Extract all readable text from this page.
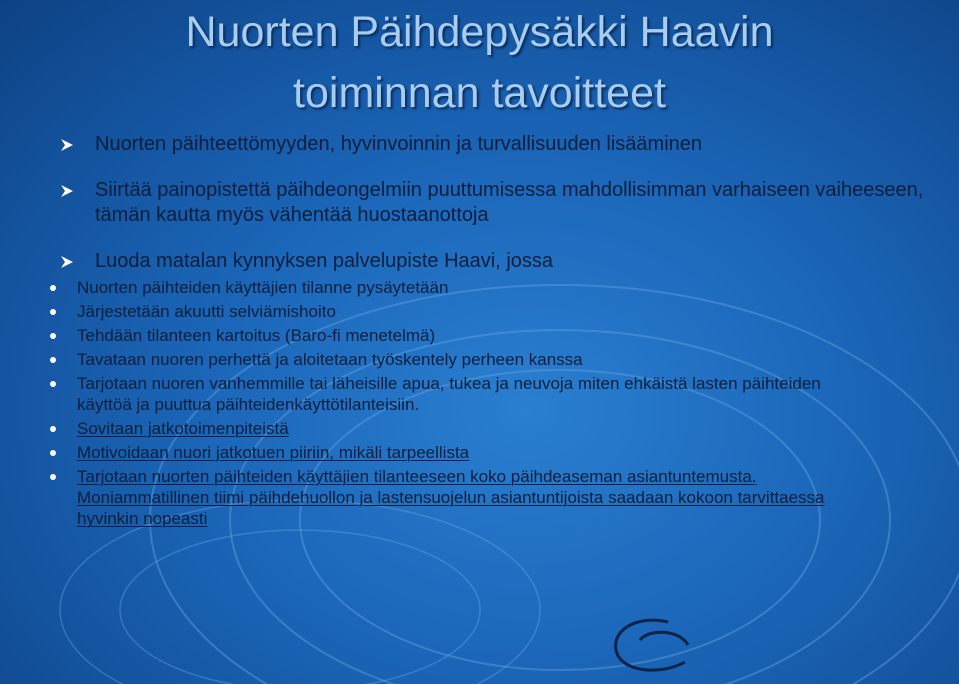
Nuorten Päihdepysäkki Haavin
toiminnan tavoitteet
Nuorten päihteettömyyden, hyvinvoinnin ja turvallisuuden lisääminen
Siirtää painopistettä päihdeongelmiin puuttumisessa mahdollisimman varhaiseen vaiheeseen, tämän kautta myös vähentää huostaanottoja
Luoda matalan kynnyksen palvelupiste Haavi, jossa
Nuorten päihteiden käyttäjien tilanne pysäytetään
Järjestetään akuutti selviämishoito
Tehdään tilanteen kartoitus (Baro-fi menetelmä)
Tavataan nuoren perhettä ja aloitetaan työskentely perheen kanssa
Tarjotaan nuoren vanhemmille tai läheisille apua, tukea ja neuvoja miten ehkäistä lasten päihteiden käyttöä ja puuttua päihteidenkäyttötilanteisiin.
Sovitaan jatkotoimenpiteistä
Motivoidaan nuori jatkotuen piiriin, mikäli tarpeellista
Tarjotaan nuorten päihteiden käyttäjien tilanteeseen koko päihdeaseman asiantuntemusta. Moniammatillinen tiimi päihdehuollon ja lastensuojelun asiantuntijoista saadaan kokoon tarvittaessa hyvinkin nopeasti
